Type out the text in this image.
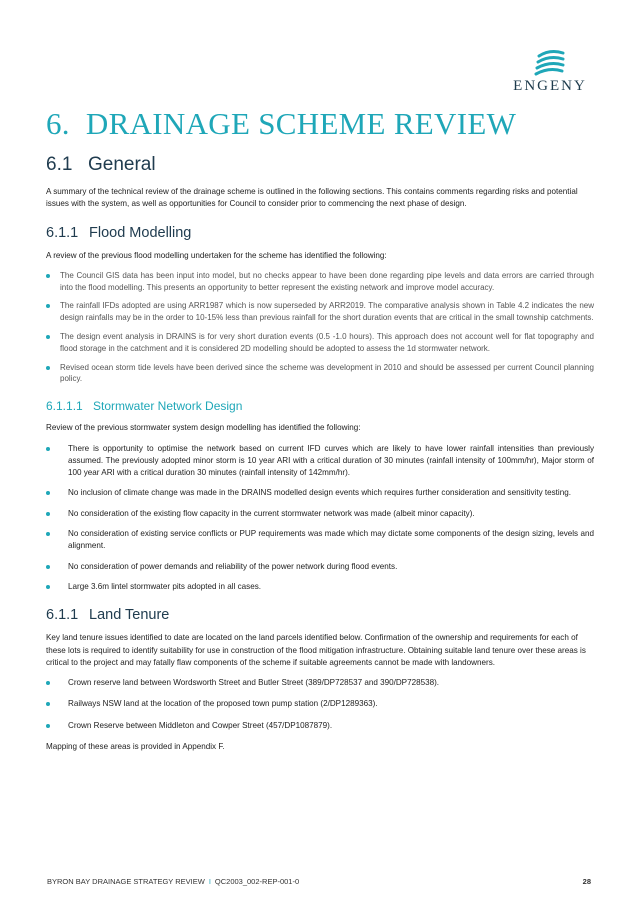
ENGENY
6. DRAINAGE SCHEME REVIEW
6.1 General

A summary of the technical review of the drainage scheme is outlined in the following sections. This contains comments regarding risks and potential issues with the system, as well as opportunities for Council to consider prior to commencing the next phase of design.

6.1.1 Flood Modelling

A review of the previous flood modelling undertaken for the scheme has identified the following:

The Council GIS data has been input into model, but no checks appear to have been done regarding pipe levels and data errors are carried through into the flood modelling. This presents an opportunity to better represent the existing network and improve model accuracy.
The rainfall IFDs adopted are using ARR1987 which is now superseded by ARR2019. The comparative analysis shown in Table 4.2 indicates the new design rainfalls may be in the order to 10-15% less than previous rainfall for the short duration events that are critical in the small township catchments.
The design event analysis in DRAINS is for very short duration events (0.5 -1.0 hours). This approach does not account well for flat topography and flood storage in the catchment and it is considered 2D modelling should be adopted to assess the 1d stormwater network.
Revised ocean storm tide levels have been derived since the scheme was development in 2010 and should be assessed per current Council planning policy.
6.1.1.1 Stormwater Network Design

Review of the previous stormwater system design modelling has identified the following:

There is opportunity to optimise the network based on current IFD curves which are likely to have lower rainfall intensities than previously assumed. The previously adopted minor storm is 10 year ARI with a critical duration of 30 minutes (rainfall intensity of 100mm/hr), Major storm of 100 year ARI with a critical duration 30 minutes (rainfall intensity of 142mm/hr).
No inclusion of climate change was made in the DRAINS modelled design events which requires further consideration and sensitivity testing.
No consideration of the existing flow capacity in the current stormwater network was made (albeit minor capacity).
No consideration of existing service conflicts or PUP requirements was made which may dictate some components of the design sizing, levels and alignment.
No consideration of power demands and reliability of the power network during flood events.
Large 3.6m lintel stormwater pits adopted in all cases.
6.1.1 Land Tenure

Key land tenure issues identified to date are located on the land parcels identified below. Confirmation of the ownership and requirements for each of these lots is required to identify suitability for use in construction of the flood mitigation infrastructure. Obtaining suitable land tenure over these areas is critical to the project and may fatally flaw components of the scheme if suitable agreements cannot be made with landowners.

Crown reserve land between Wordsworth Street and Butler Street (389/DP728537 and 390/DP728538).
Railways NSW land at the location of the proposed town pump station (2/DP1289363).
Crown Reserve between Middleton and Cowper Street (457/DP1087879).

Mapping of these areas is provided in Appendix F.

BYRON BAY DRAINAGE STRATEGY REVIEW I QC2003_002-REP-001-0	28
